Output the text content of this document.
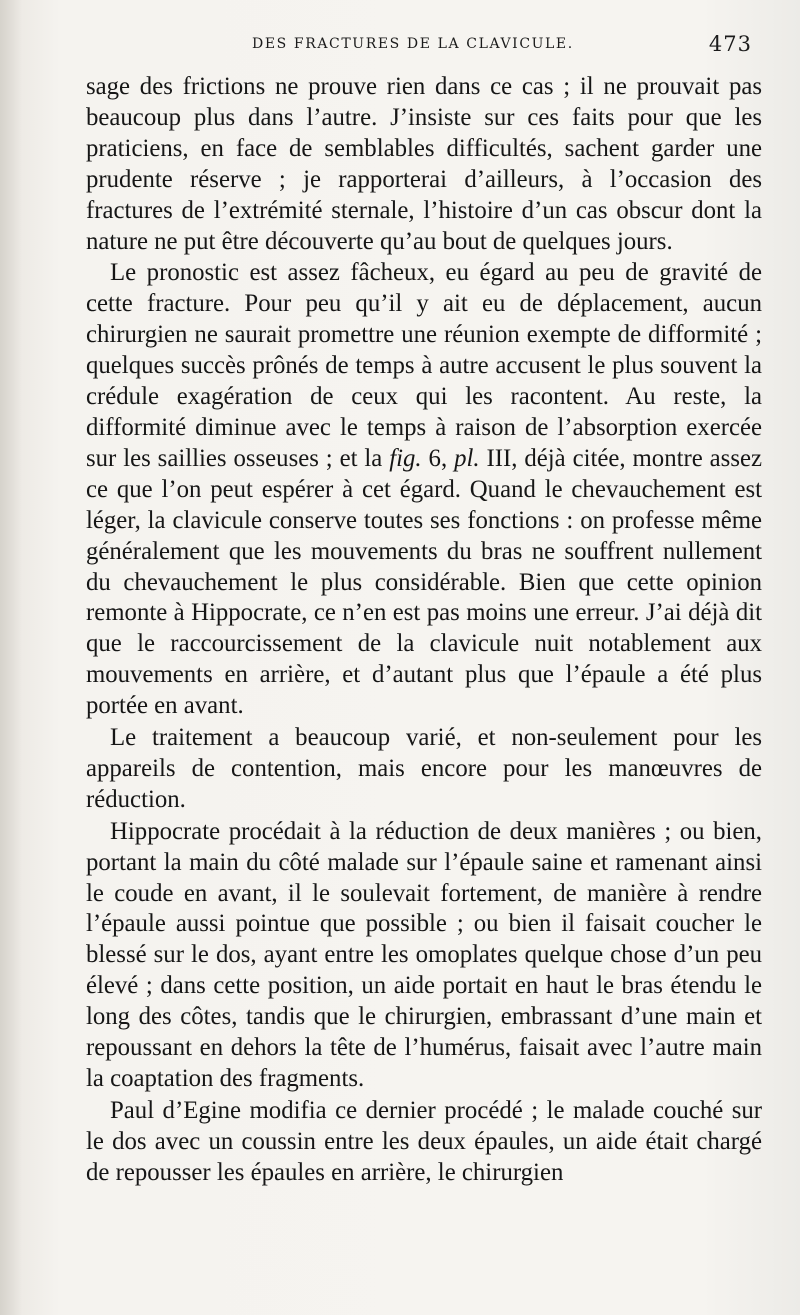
DES FRACTURES DE LA CLAVICULE.	473

sage des frictions ne prouve rien dans ce cas ; il ne prouvait pas beaucoup plus dans l’autre. J’insiste sur ces faits pour que les praticiens, en face de semblables difficultés, sachent garder une prudente réserve ; je rapporterai d’ailleurs, à l’occasion des fractures de l’extrémité sternale, l’histoire d’un cas obscur dont la nature ne put être découverte qu’au bout de quelques jours.

Le pronostic est assez fâcheux, eu égard au peu de gravité de cette fracture. Pour peu qu’il y ait eu de déplacement, aucun chirurgien ne saurait promettre une réunion exempte de difformité ; quelques succès prônés de temps à autre accusent le plus souvent la crédule exagération de ceux qui les racontent. Au reste, la difformité diminue avec le temps à raison de l’absorption exercée sur les saillies osseuses ; et la fig. 6, pl. III, déjà citée, montre assez ce que l’on peut espérer à cet égard. Quand le chevauchement est léger, la clavicule conserve toutes ses fonctions : on professe même généralement que les mouvements du bras ne souffrent nullement du chevauchement le plus considérable. Bien que cette opinion remonte à Hippocrate, ce n’en est pas moins une erreur. J’ai déjà dit que le raccourcissement de la clavicule nuit notablement aux mouvements en arrière, et d’autant plus que l’épaule a été plus portée en avant.

Le traitement a beaucoup varié, et non-seulement pour les appareils de contention, mais encore pour les manœuvres de réduction.

Hippocrate procédait à la réduction de deux manières ; ou bien, portant la main du côté malade sur l’épaule saine et ramenant ainsi le coude en avant, il le soulevait fortement, de manière à rendre l’épaule aussi pointue que possible ; ou bien il faisait coucher le blessé sur le dos, ayant entre les omoplates quelque chose d’un peu élevé ; dans cette position, un aide portait en haut le bras étendu le long des côtes, tandis que le chirurgien, embrassant d’une main et repoussant en dehors la tête de l’humérus, faisait avec l’autre main la coaptation des fragments.

Paul d’Egine modifia ce dernier procédé ; le malade couché sur le dos avec un coussin entre les deux épaules, un aide était chargé de repousser les épaules en arrière, le chirurgien
